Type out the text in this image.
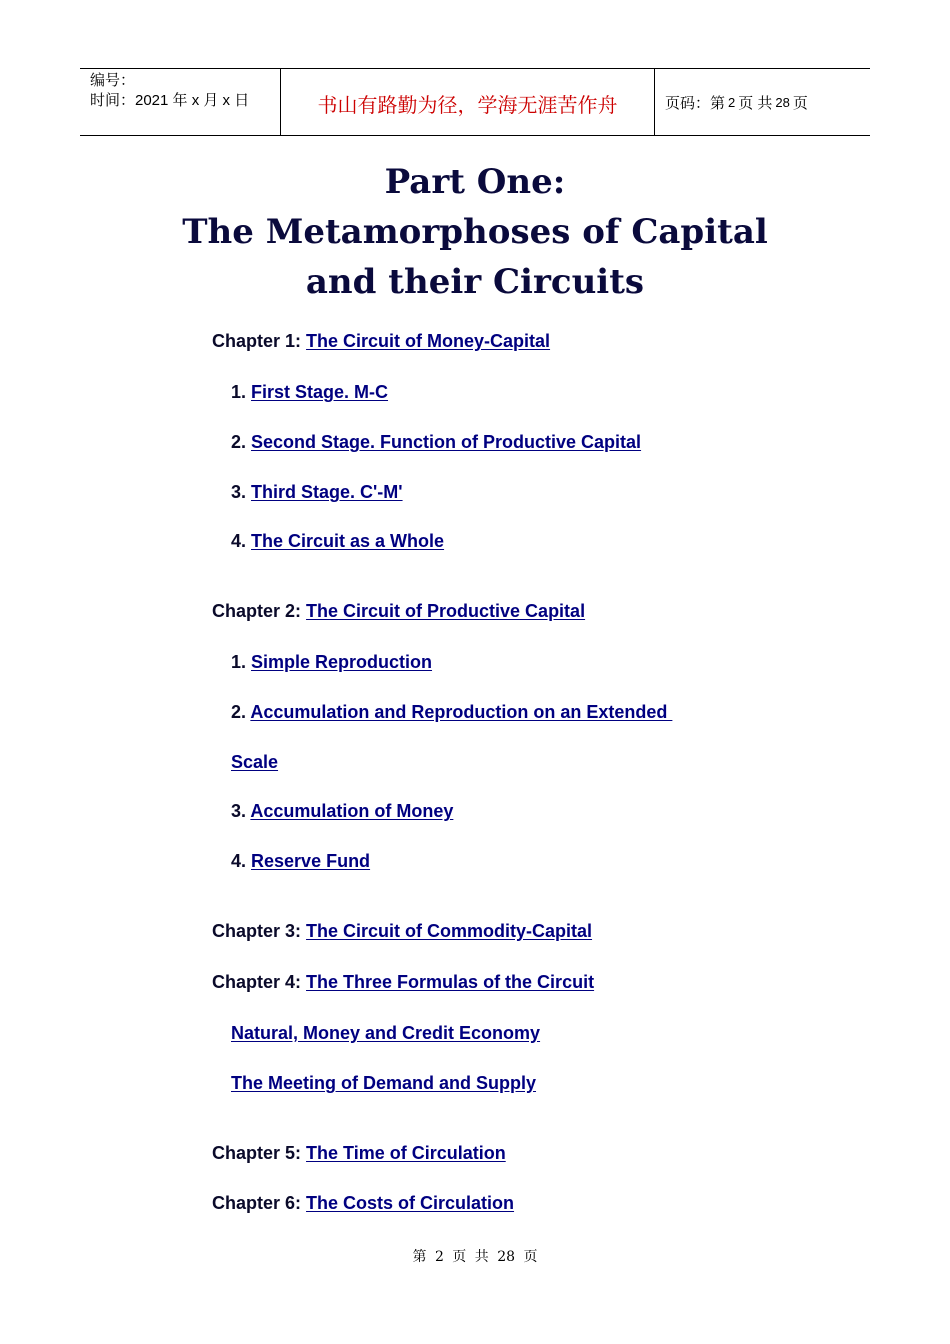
编号：
时间：2021 年 x 月 x 日	书山有路勤为径，学海无涯苦作舟	页码：第 2 页 共 28 页
Part One:
The Metamorphoses of Capital
and their Circuits
Chapter 1: The Circuit of Money-Capital
1. First Stage. M-C
2. Second Stage. Function of Productive Capital
3. Third Stage. C'-M'
4. The Circuit as a Whole
Chapter 2: The Circuit of Productive Capital
1. Simple Reproduction
2. Accumulation and Reproduction on an Extended
Scale
3. Accumulation of Money
4. Reserve Fund
Chapter 3: The Circuit of Commodity-Capital
Chapter 4: The Three Formulas of the Circuit
Natural, Money and Credit Economy
The Meeting of Demand and Supply
Chapter 5: The Time of Circulation
Chapter 6: The Costs of Circulation
第 2 页 共 28 页
